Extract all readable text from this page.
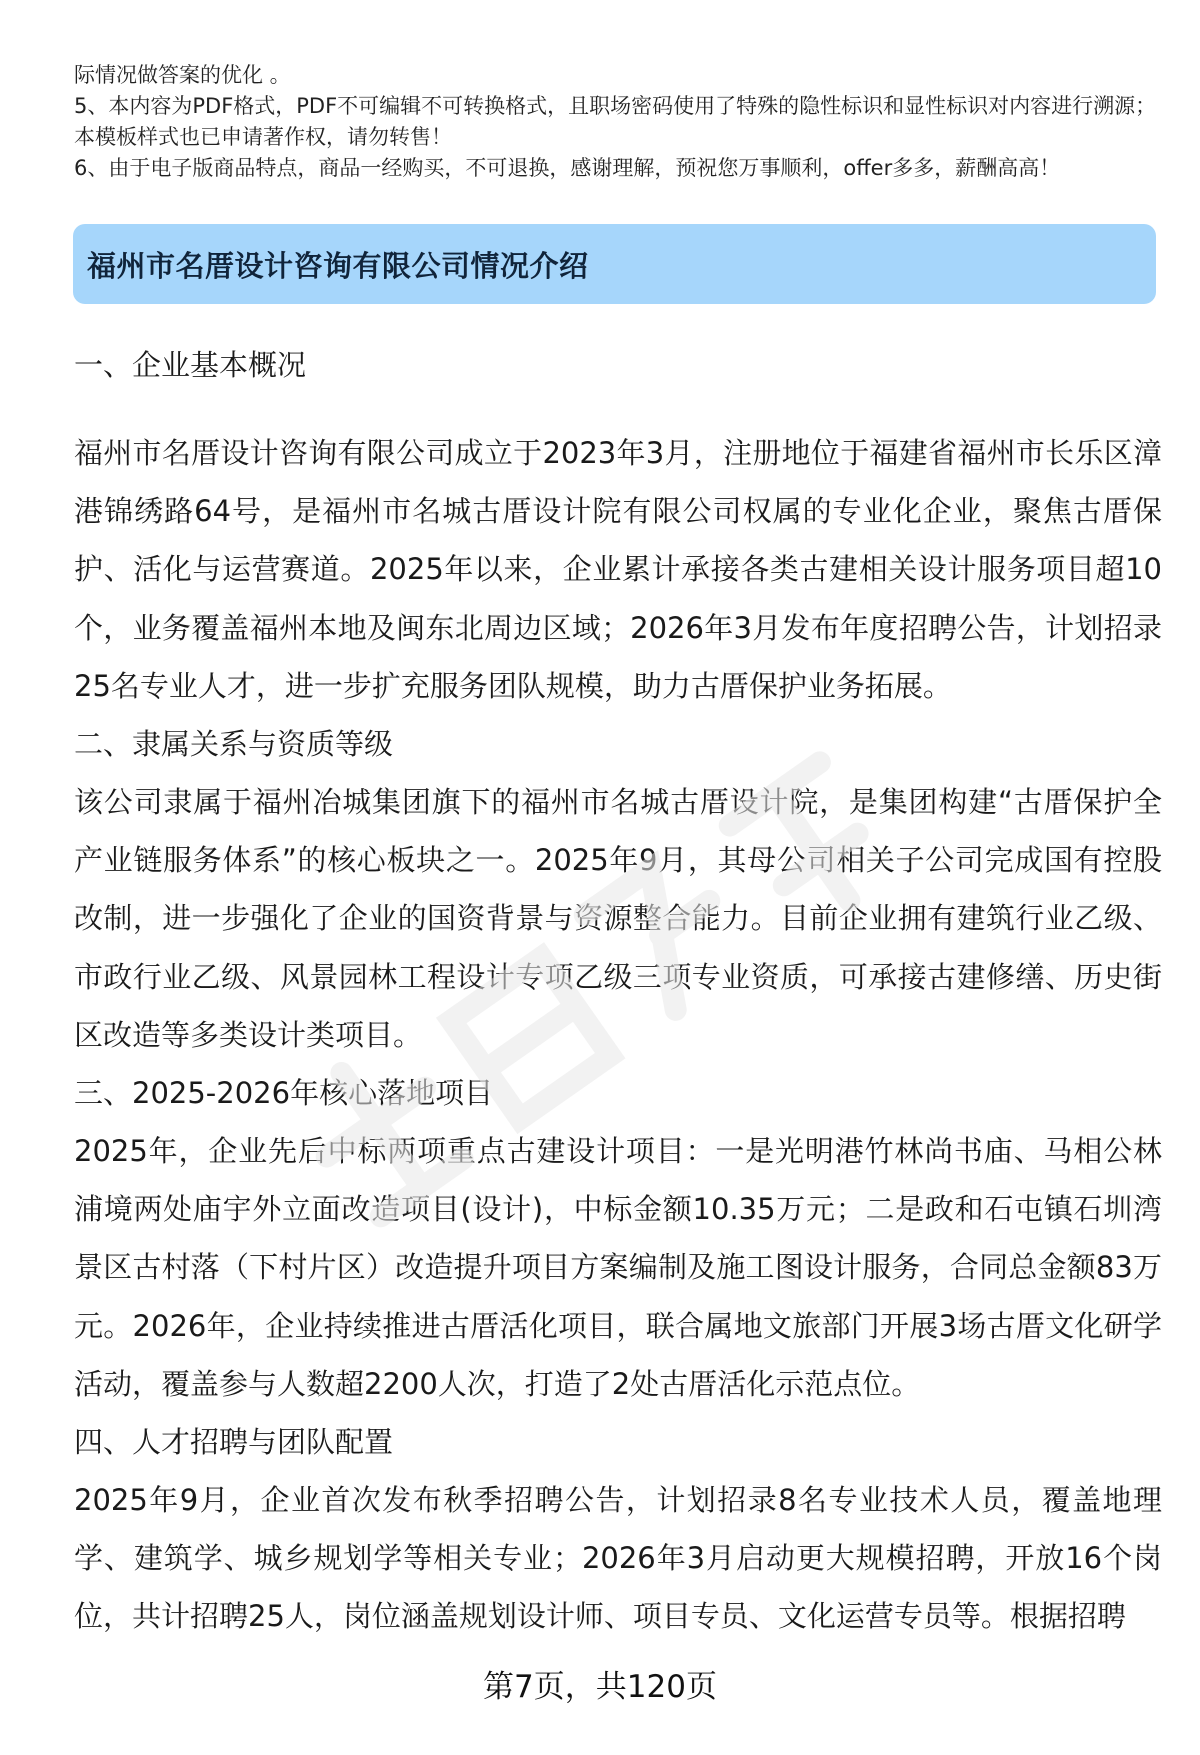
际情况做答案的优化 。

5、本内容为PDF格式，PDF不可编辑不可转换格式，且职场密码使用了特殊的隐性标识和显性标识对内容进行溯源；本模板样式也已申请著作权，请勿转售！

6、由于电子版商品特点，商品一经购买，不可退换，感谢理解，预祝您万事顺利，offer多多，薪酬高高！

福州市名厝设计咨询有限公司情况介绍
一、企业基本概况

福州市名厝设计咨询有限公司成立于2023年3月，注册地位于福建省福州市长乐区漳港锦绣路64号，是福州市名城古厝设计院有限公司权属的专业化企业，聚焦古厝保护、活化与运营赛道。2025年以来，企业累计承接各类古建相关设计服务项目超10个，业务覆盖福州本地及闽东北周边区域；2026年3月发布年度招聘公告，计划招录25名专业人才，进一步扩充服务团队规模，助力古厝保护业务拓展。

二、隶属关系与资质等级

该公司隶属于福州冶城集团旗下的福州市名城古厝设计院，是集团构建“古厝保护全产业链服务体系”的核心板块之一。2025年9月，其母公司相关子公司完成国有控股改制，进一步强化了企业的国资背景与资源整合能力。目前企业拥有建筑行业乙级、市政行业乙级、风景园林工程设计专项乙级三项专业资质，可承接古建修缮、历史街区改造等多类设计类项目。

三、2025-2026年核心落地项目

2025年，企业先后中标两项重点古建设计项目：一是光明港竹林尚书庙、马相公林浦境两处庙宇外立面改造项目(设计)，中标金额10.35万元；二是政和石屯镇石圳湾景区古村落（下村片区）改造提升项目方案编制及施工图设计服务，合同总金额83万元。2026年，企业持续推进古厝活化项目，联合属地文旅部门开展3场古厝文化研学活动，覆盖参与人数超2200人次，打造了2处古厝活化示范点位。

四、人才招聘与团队配置

2025年9月，企业首次发布秋季招聘公告，计划招录8名专业技术人员，覆盖地理学、建筑学、城乡规划学等相关专业；2026年3月启动更大规模招聘，开放16个岗位，共计招聘25人，岗位涵盖规划设计师、项目专员、文化运营专员等。根据招聘

第7页，共120页
